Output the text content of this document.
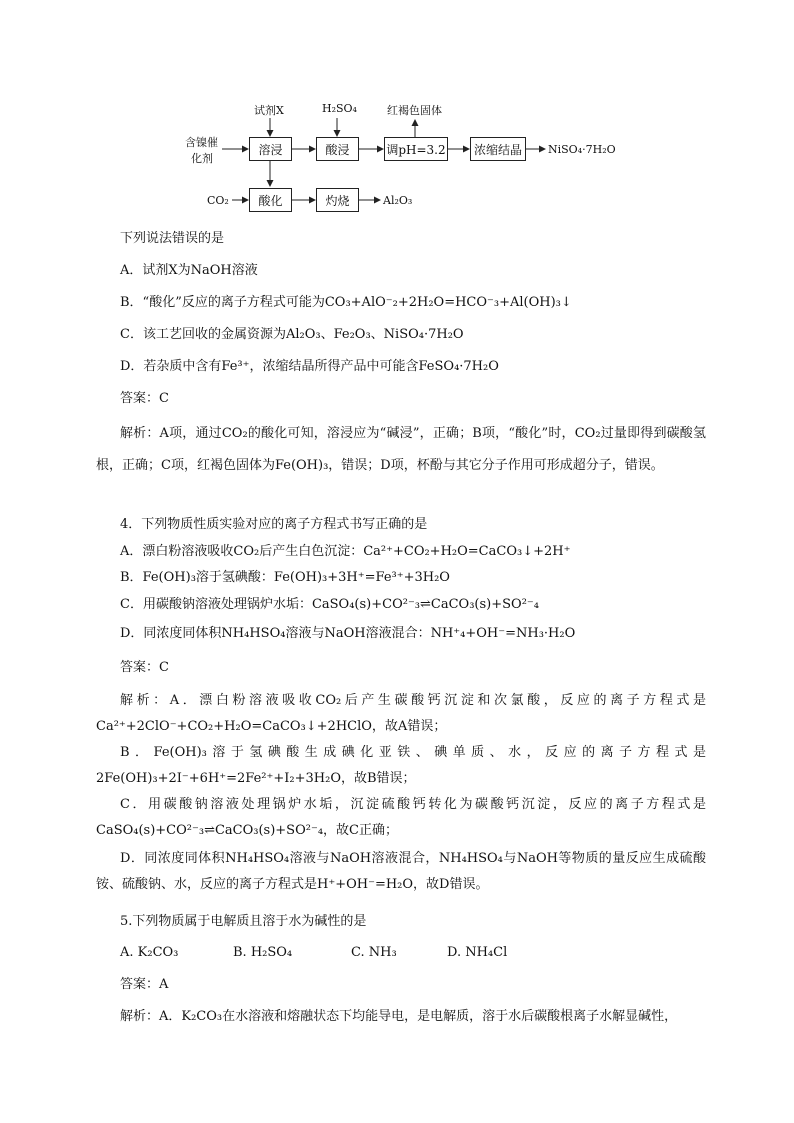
试剂X	H₂SO₄	红褐色固体
含镍催
化剂
溶浸	酸浸	调pH=3.2	浓缩结晶	NiSO₄·7H₂O
CO₂	酸化	灼烧	Al₂O₃
下列说法错误的是
A．试剂X为NaOH溶液
B．“酸化”反应的离子方程式可能为CO₃+AlO⁻₂+2H₂O=HCO⁻₃+Al(OH)₃↓
C．该工艺回收的金属资源为Al₂O₃、Fe₂O₃、NiSO₄·7H₂O
D．若杂质中含有Fe³⁺，浓缩结晶所得产品中可能含FeSO₄·7H₂O
答案：C
解析：A项，通过CO₂的酸化可知，溶浸应为“碱浸”，正确；B项，“酸化”时，CO₂过量即得到碳酸氢根，正确；C项，红褐色固体为Fe(OH)₃，错误；D项，杯酚与其它分子作用可形成超分子，错误。
4．下列物质性质实验对应的离子方程式书写正确的是
A．漂白粉溶液吸收CO₂后产生白色沉淀：Ca²⁺+CO₂+H₂O=CaCO₃↓+2H⁺
B．Fe(OH)₃溶于氢碘酸：Fe(OH)₃+3H⁺=Fe³⁺+3H₂O
C．用碳酸钠溶液处理锅炉水垢：CaSO₄(s)+CO²⁻₃⇌CaCO₃(s)+SO²⁻₄
D．同浓度同体积NH₄HSO₄溶液与NaOH溶液混合：NH⁺₄+OH⁻=NH₃·H₂O
答案：C
解析：A．漂白粉溶液吸收CO₂后产生碳酸钙沉淀和次氯酸，反应的离子方程式是Ca²⁺+2ClO⁻+CO₂+H₂O=CaCO₃↓+2HClO，故A错误；
B．Fe(OH)₃溶于氢碘酸生成碘化亚铁、碘单质、水，反应的离子方程式是2Fe(OH)₃+2I⁻+6H⁺=2Fe²⁺+I₂+3H₂O，故B错误；
C．用碳酸钠溶液处理锅炉水垢，沉淀硫酸钙转化为碳酸钙沉淀，反应的离子方程式是CaSO₄(s)+CO²⁻₃⇌CaCO₃(s)+SO²⁻₄，故C正确；
D．同浓度同体积NH₄HSO₄溶液与NaOH溶液混合，NH₄HSO₄与NaOH等物质的量反应生成硫酸铵、硫酸钠、水，反应的离子方程式是H⁺+OH⁻=H₂O，故D错误。
5.下列物质属于电解质且溶于水为碱性的是
A. K₂CO₃	B. H₂SO₄	C. NH₃	D. NH₄Cl
答案：A
解析：A．K₂CO₃在水溶液和熔融状态下均能导电，是电解质，溶于水后碳酸根离子水解显碱性，
